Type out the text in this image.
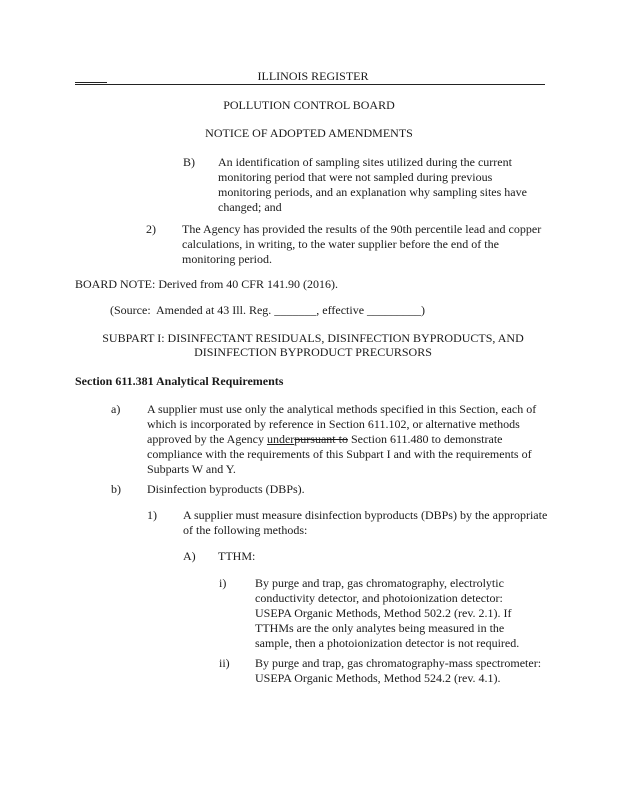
ILLINOIS REGISTER
POLLUTION CONTROL BOARD
NOTICE OF ADOPTED AMENDMENTS
B) An identification of sampling sites utilized during the current
monitoring period that were not sampled during previous
monitoring periods, and an explanation why sampling sites have
changed; and
2) The Agency has provided the results of the 90th percentile lead and copper
calculations, in writing, to the water supplier before the end of the
monitoring period.
BOARD NOTE: Derived from 40 CFR 141.90 (2016).
(Source:  Amended at 43 Ill. Reg. _______, effective _________)
SUBPART I: DISINFECTANT RESIDUALS, DISINFECTION BYPRODUCTS, AND
DISINFECTION BYPRODUCT PRECURSORS
Section 611.381 Analytical Requirements
a) A supplier must use only the analytical methods specified in this Section, each of
which is incorporated by reference in Section 611.102, or alternative methods
approved by the Agency underpursuant to Section 611.480 to demonstrate
compliance with the requirements of this Subpart I and with the requirements of
Subparts W and Y.
b) Disinfection byproducts (DBPs).
1) A supplier must measure disinfection byproducts (DBPs) by the appropriate
of the following methods:
A) TTHM:
i) By purge and trap, gas chromatography, electrolytic
conductivity detector, and photoionization detector:
USEPA Organic Methods, Method 502.2 (rev. 2.1). If
TTHMs are the only analytes being measured in the
sample, then a photoionization detector is not required.
ii) By purge and trap, gas chromatography-mass spectrometer:
USEPA Organic Methods, Method 524.2 (rev. 4.1).
